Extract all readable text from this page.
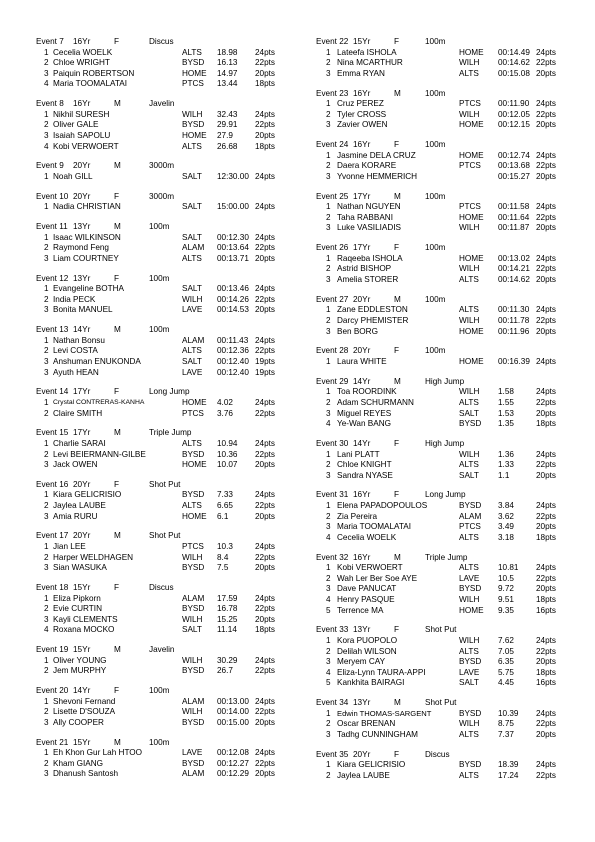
Event 7 16Yr	F	Discus
1 Cecelia WOELK	ALTS 18.98 24pts
2 Chloe WRIGHT	BYSD 16.13 22pts
3 Paiquin ROBERTSON	HOME 14.97 20pts
4 Maria TOOMALATAI	PTCS 13.44 18pts
Event 8 16Yr	M	Javelin
1 Nikhil SURESH	WILH 32.43 24pts
2 Oliver GALE	BYSD 29.91 22pts
3 Isaiah SAPOLU	HOME 27.9	20pts
4 Kobi VERWOERT	ALTS 26.68 18pts
Event 9 20Yr	M	3000m
1 Noah GILL	SALT 12:30.00 24pts
Event 10 20Yr	F	3000m
1 Nadia CHRISTIAN	SALT 15:00.00 24pts
Event 11 13Yr	M	100m
1 Isaac WILKINSON	SALT 00:12.30 24pts
2 Raymond Feng	ALAM 00:13.64 22pts
3 Liam COURTNEY	ALTS 00:13.71 20pts
Event 12 13Yr	F	100m
1 Evangeline BOTHA	SALT 00:13.46 24pts
2 India PECK	WILH 00:14.26 22pts
3 Bonita MANUEL	LAVE 00:14.53 20pts
Event 13 14Yr	M	100m
1 Nathan Bonsu	ALAM 00:11.43 24pts
2 Levi COSTA	ALTS 00:12.36 22pts
3 Anshuman ENUKONDA	SALT 00:12.40 19pts
3 Ayuth HEAN	LAVE 00:12.40 19pts
Event 14 17Yr	F	Long Jump
1 Crystal CONTRERAS-KANHA	HOME 4.02	24pts
2 Claire SMITH	PTCS 3.76	22pts
Event 15 17Yr	M	Triple Jump
1 Charlie SARAI	ALTS 10.94 24pts
2 Levi BEIERMANN-GILBE	BYSD 10.36 22pts
3 Jack OWEN	HOME 10.07 20pts
Event 16 20Yr	F	Shot Put
1 Kiara GELICRISIO	BYSD 7.33	24pts
2 Jaylea LAUBE	ALTS 6.65	22pts
3 Amia RURU	HOME 6.1	20pts
Event 17 20Yr	M	Shot Put
1 Jian LEE	PTCS 10.3	24pts
2 Harper WELDHAGEN	WILH 8.4	22pts
3 Sian WASUKA	BYSD 7.5	20pts
Event 18 15Yr	F	Discus
1 Eliza Pipkorn	ALAM 17.59 24pts
2 Evie CURTIN	BYSD 16.78 22pts
3 Kayli CLEMENTS	WILH 15.25 20pts
4 Roxana MOCKO	SALT 11.14 18pts
Event 19 15Yr	M	Javelin
1 Oliver YOUNG	WILH 30.29 24pts
2 Jem MURPHY	BYSD 26.7	22pts
Event 20 14Yr	F	100m
1 Shevoni Fernand	ALAM 00:13.00 24pts
2 Lisette D'SOUZA	WILH 00:14.00 22pts
3 Ally COOPER	BYSD 00:15.00 20pts
Event 21 15Yr	M	100m
1 Eh Khon Gur Lah HTOO	LAVE 00:12.08 24pts
2 Kham GIANG	BYSD 00:12.27 22pts
3 Dhanush Santosh	ALAM 00:12.29 20pts
Event 22 15Yr	F	100m
1 Lateefa ISHOLA	HOME 00:14.49 24pts
2 Nina MCARTHUR	WILH 00:14.62 22pts
3 Emma RYAN	ALTS 00:15.08 20pts
Event 23 16Yr	M	100m
1 Cruz PEREZ	PTCS 00:11.90 24pts
2 Tyler CROSS	WILH 00:12.05 22pts
3 Zavier OWEN	HOME 00:12.15 20pts
Event 24 16Yr	F	100m
1 Jasmine DELA CRUZ	HOME 00:12.74 24pts
2 Daera KORARE	PTCS 00:13.68 22pts
3 Yvonne HEMMERICH	00:15.27 20pts
Event 25 17Yr	M	100m
1 Nathan NGUYEN	PTCS 00:11.58 24pts
2 Taha RABBANI	HOME 00:11.64 22pts
3 Luke VASILIADIS	WILH 00:11.87 20pts
Event 26 17Yr	F	100m
1 Raqeeba ISHOLA	HOME 00:13.02 24pts
2 Astrid BISHOP	WILH 00:14.21 22pts
3 Amelia STORER	ALTS 00:14.62 20pts
Event 27 20Yr	M	100m
1 Zane EDDLESTON	ALTS 00:11.30 24pts
2 Darcy PHEMISTER	WILH 00:11.78 22pts
3 Ben BORG	HOME 00:11.96 20pts
Event 28 20Yr	F	100m
1 Laura WHITE	HOME 00:16.39 24pts
Event 29 14Yr	M	High Jump
1 Toa ROORDINK	WILH 1.58	24pts
2 Adam SCHURMANN	ALTS 1.55	22pts
3 Miguel REYES	SALT 1.53	20pts
4 Ye-Wan BANG	BYSD 1.35	18pts
Event 30 14Yr	F	High Jump
1 Lani PLATT	WILH 1.36	24pts
2 Chloe KNIGHT	ALTS 1.33	22pts
3 Sandra NYASE	SALT 1.1	20pts
Event 31 16Yr	F	Long Jump
1 Elena PAPADOPOULOS	BYSD 3.84	24pts
2 Zia Pereira	ALAM 3.62	22pts
3 Maria TOOMALATAI	PTCS 3.49	20pts
4 Cecelia WOELK	ALTS 3.18	18pts
Event 32 16Yr	M	Triple Jump
1 Kobi VERWOERT	ALTS 10.81 24pts
2 Wah Ler Ber Soe AYE	LAVE 10.5	22pts
3 Dave PANUCAT	BYSD 9.72	20pts
4 Henry PASQUE	WILH 9.51	18pts
5 Terrence MA	HOME 9.35	16pts
Event 33 13Yr	F	Shot Put
1 Kora PUOPOLO	WILH 7.62	24pts
2 Delilah WILSON	ALTS 7.05	22pts
3 Meryem CAY	BYSD 6.35	20pts
4 Eliza-Lynn TAURA-APPI	LAVE 5.75	18pts
5 Kankhita BAIRAGI	SALT 4.45	16pts
Event 34 13Yr	M	Shot Put
1 Edwin THOMAS-SARGENT	BYSD 10.39 24pts
2 Oscar BRENAN	WILH 8.75	22pts
3 Tadhg CUNNINGHAM	ALTS 7.37	20pts
Event 35 20Yr	F	Discus
1 Kiara GELICRISIO	BYSD 18.39 24pts
2 Jaylea LAUBE	ALTS 17.24 22pts
